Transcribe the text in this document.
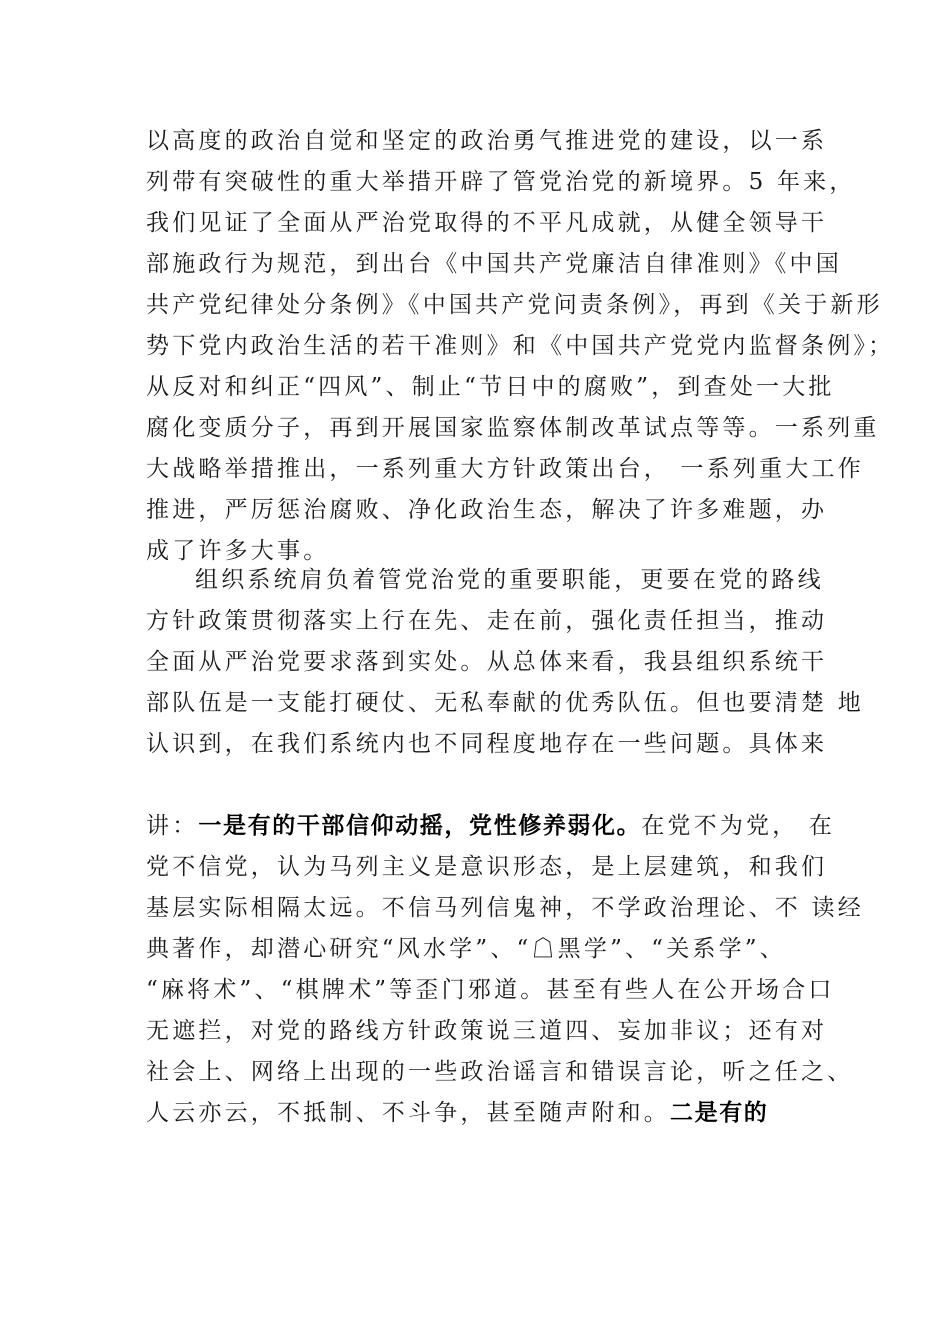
以高度的政治自觉和坚定的政治勇气推进党的建设，以一系
列带有突破性的重大举措开辟了管党治党的新境界。5 年来，
我们见证了全面从严治党取得的不平凡成就，从健全领导干
部施政行为规范，到出台《中国共产党廉洁自律准则》《中国
共产党纪律处分条例》《中国共产党问责条例》，再到《关于新形
势下党内政治生活的若干准则》和《中国共产党党内监督条例》；
从反对和纠正“四风”、制止“节日中的腐败”，到查处一大批
腐化变质分子，再到开展国家监察体制改革试点等等。一系列重
大战略举措推出，一系列重大方针政策出台， 一系列重大工作
推进，严厉惩治腐败、净化政治生态，解决了许多难题，办
成了许多大事。
组织系统肩负着管党治党的重要职能，更要在党的路线
方针政策贯彻落实上行在先、走在前，强化责任担当，推动
全面从严治党要求落到实处。从总体来看，我县组织系统干
部队伍是一支能打硬仗、无私奉献的优秀队伍。但也要清楚 地
认识到，在我们系统内也不同程度地存在一些问题。具体来
讲：一是有的干部信仰动摇，党性修养弱化。在党不为党， 在
党不信党，认为马列主义是意识形态，是上层建筑，和我们
基层实际相隔太远。不信马列信鬼神，不学政治理论、不 读经
典著作，却潜心研究“风水学”、“☖黑学”、“关系学”、
“麻将术”、“棋牌术”等歪门邪道。甚至有些人在公开场合口
无遮拦，对党的路线方针政策说三道四、妄加非议；还有对
社会上、网络上出现的一些政治谣言和错误言论，听之任之、
人云亦云，不抵制、不斗争，甚至随声附和。二是有的
